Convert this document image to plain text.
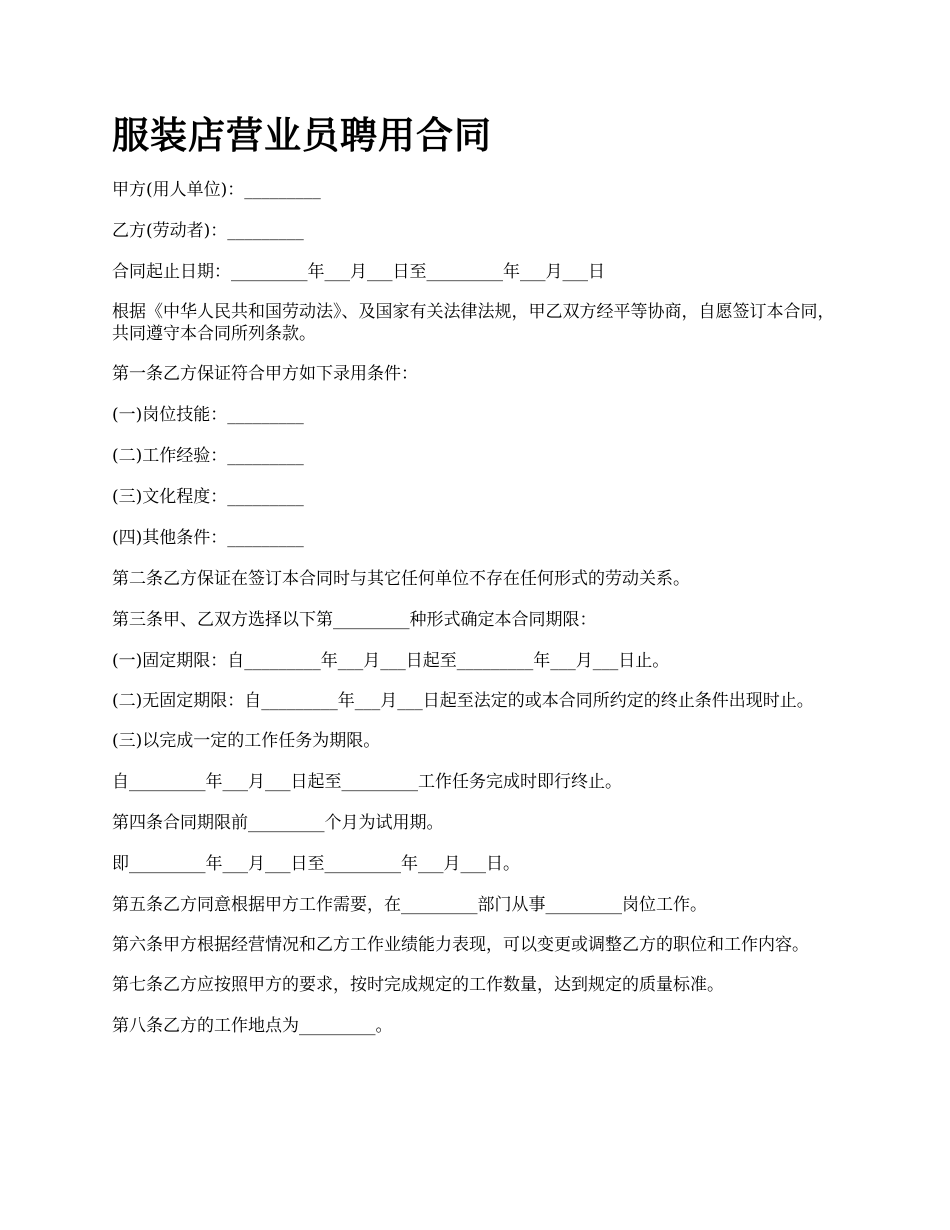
服装店营业员聘用合同

甲方(用人单位)：_________

乙方(劳动者)：_________

合同起止日期：_________年___月___日至_________年___月___日

根据《中华人民共和国劳动法》、及国家有关法律法规，甲乙双方经平等协商，自愿签订本合同，共同遵守本合同所列条款。

第一条乙方保证符合甲方如下录用条件：

(一)岗位技能：_________

(二)工作经验：_________

(三)文化程度：_________

(四)其他条件：_________

第二条乙方保证在签订本合同时与其它任何单位不存在任何形式的劳动关系。

第三条甲、乙双方选择以下第_________种形式确定本合同期限：

(一)固定期限：自_________年___月___日起至_________年___月___日止。

(二)无固定期限：自_________年___月___日起至法定的或本合同所约定的终止条件出现时止。

(三)以完成一定的工作任务为期限。

自_________年___月___日起至_________工作任务完成时即行终止。

第四条合同期限前_________个月为试用期。

即_________年___月___日至_________年___月___日。

第五条乙方同意根据甲方工作需要，在_________部门从事_________岗位工作。

第六条甲方根据经营情况和乙方工作业绩能力表现，可以变更或调整乙方的职位和工作内容。

第七条乙方应按照甲方的要求，按时完成规定的工作数量，达到规定的质量标准。

第八条乙方的工作地点为_________。
